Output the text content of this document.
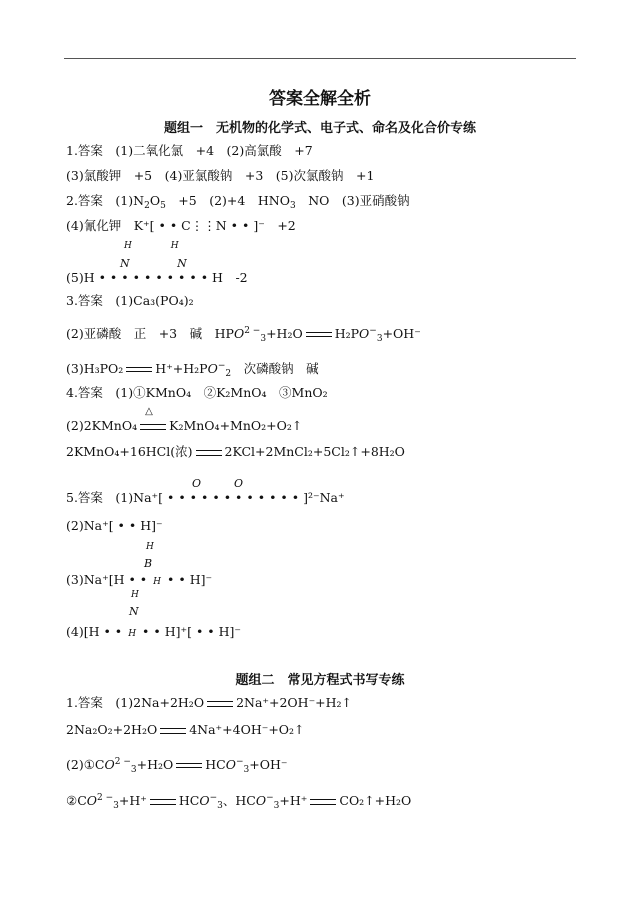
答案全解全析
题组一　无机物的化学式、电子式、命名及化合价专练
1.答案　(1)二氧化氯　+4　(2)高氯酸　+7
(3)氯酸钾　+5　(4)亚氯酸钠　+3　(5)次氯酸钠　+1
2.答案　$(1)N_2O_5$　+5　(2)+4　$HNO_3$　NO　(3)亚硝酸钠
(4)氰化钾　K⁺[ • • C⋮⋮N • • ]⁻　+2
H　　　　 H
N　　　　 N
(5)H • • • • • • • • • • H　-2
3.答案　(1)Ca₃(PO₄)₂
(2)亚磷酸　正　+3　碱　$HPO^{2 -}_3+H_2O$	$H_2PO^-_3+OH^-$
(3)H₃PO₂	$H^++H_2PO^-_2$　次磷酸钠　碱
4.答案　(1)①KMnO₄　②K₂MnO₄　③MnO₂
(2)2KMnO₄
△
K₂MnO₄+MnO₂+O₂↑
2KMnO₄+16HCl(浓)	2KCl+2MnCl₂+5Cl₂↑+8H₂O
O　　　O
5.答案　(1)Na⁺[ • • • • • • • • • • • • ]²⁻Na⁺
(2)Na⁺[ • • H]⁻
H
B
(3)Na⁺[H • • H • • H]⁻
H
N
(4)[H • • H • • H]⁺[ • • H]⁻
题组二　常见方程式书写专练
1.答案　(1)2Na+2H₂O	2Na⁺+2OH⁻+H₂↑
2Na₂O₂+2H₂O	4Na⁺+4OH⁻+O₂↑
$(2)①CO^{2 -}_3+H_2O$	$HCO^-_3+OH^-$
$②CO^{2 -}_3+H^+$	$HCO^-_3$、$HCO^-_3+H^+$	CO₂↑+H₂O
